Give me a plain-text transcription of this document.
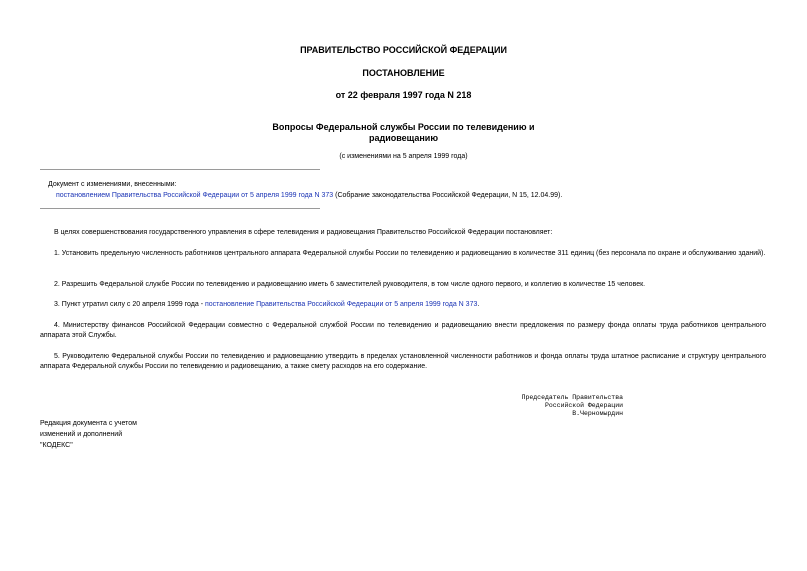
ПРАВИТЕЛЬСТВО РОССИЙСКОЙ ФЕДЕРАЦИИ
ПОСТАНОВЛЕНИЕ
от 22 февраля 1997 года N 218
Вопросы Федеральной службы России по телевидению и
радиовещанию
(с изменениями на 5 апреля 1999 года)
Документ с изменениями, внесенными:
постановлением Правительства Российской Федерации от 5 апреля 1999 года N 373 (Собрание законодательства Российской Федерации, N 15, 12.04.99).

В целях совершенствования государственного управления в сфере телевидения и радиовещания Правительство Российской Федерации постановляет:

1. Установить предельную численность работников центрального аппарата Федеральной службы России по телевидению и радиовещанию в количестве 311 единиц (без персонала по охране и обслуживанию зданий).

2. Разрешить Федеральной службе России по телевидению и радиовещанию иметь 6 заместителей руководителя, в том числе одного первого, и коллегию в количестве 15 человек.

3. Пункт утратил силу с 20 апреля 1999 года - постановление Правительства Российской Федерации от 5 апреля 1999 года N 373.

4. Министерству финансов Российской Федерации совместно с Федеральной службой России по телевидению и радиовещанию внести предложения по размеру фонда оплаты труда работников центрального аппарата этой Службы.

5. Руководителю Федеральной службы России по телевидению и радиовещанию утвердить в пределах установленной численности работников и фонда оплаты труда штатное расписание и структуру центрального аппарата Федеральной службы России по телевидению и радиовещанию, а также смету расходов на его содержание.

Председатель Правительства
Российской Федерации
В.Черномырдин
Редакция документа с учетом
изменений и дополнений
"КОДЕКС"
